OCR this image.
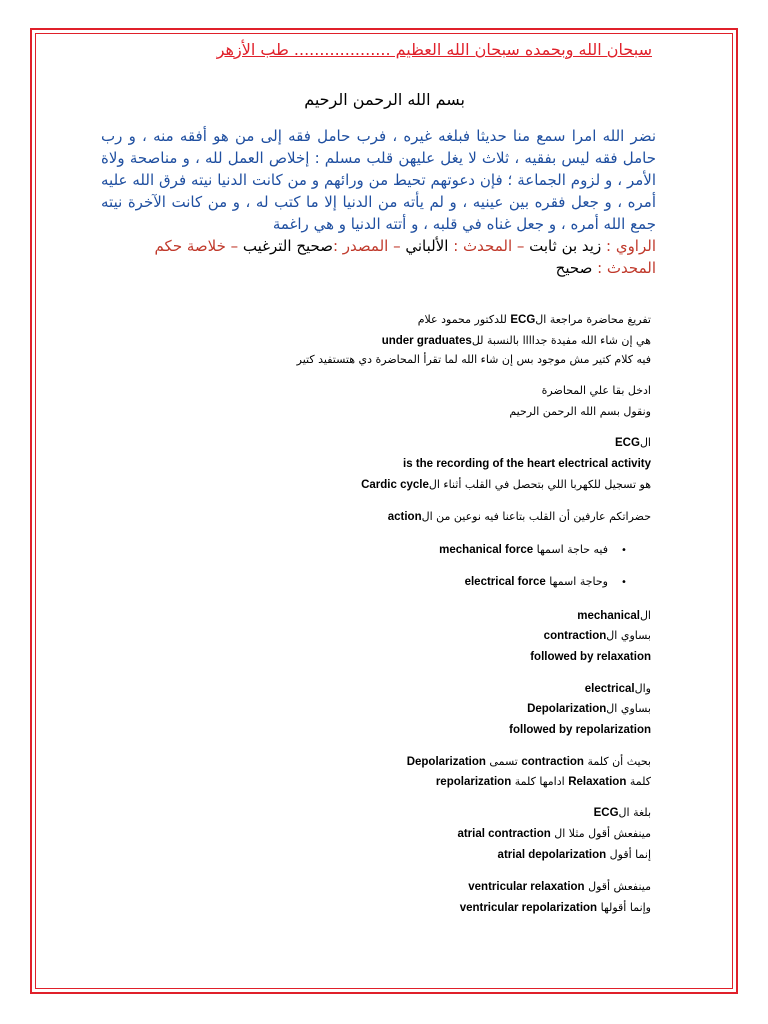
سبحان الله وبحمده سبحان الله العظيم ................... طب الأزهر
بسم الله الرحمن الرحيم

نضر الله امرا سمع منا حديثا فبلغه غيره ، فرب حامل فقه إلى من هو أفقه منه ، و رب حامل فقه ليس بفقيه ، ثلاث لا يغل عليهن قلب مسلم : إخلاص العمل لله ، و مناصحة ولاة الأمر ، و لزوم الجماعة ؛ فإن دعوتهم تحيط من ورائهم و من كانت الدنيا نيته فرق الله عليه أمره ، و جعل فقره بين عينيه ، و لم يأته من الدنيا إلا ما كتب له ، و من كانت الآخرة نيته جمع الله أمره ، و جعل غناه في قلبه ، و أتته الدنيا و هي راغمة

الراوي : زيد بن ثابت – المحدث : الألباني – المصدر :صحيح الترغيب – خلاصة حكم المحدث : صحيح
تفريغ محاضرة مراجعة الECG للدكتور محمود علام
هي إن شاء الله مفيدة جداااا بالنسبة للunder graduates
فيه كلام كتير مش موجود بس إن شاء الله لما تقرأ المحاضرة دي هتستفيد كتير
ادخل بقا علي المحاضرة
ونقول بسم الله الرحمن الرحيم
الECG
is the recording of the heart electrical activity
هو تسجيل للكهربا اللي بتحصل في القلب أثناء الCardic cycle
حضراتكم عارفين أن القلب بتاعنا فيه نوعين من الaction
فيه حاجة اسمها mechanical force
وحاجة اسمها electrical force
الmechanical
بساوي الcontraction
followed by relaxation
والelectrical
بساوي الDepolarization
followed by repolarization
بحيث أن كلمة contraction تسمى Depolarization
كلمة Relaxation ادامها كلمة repolarization
بلغة الECG
مينفعش أقول مثلا ال atrial contraction
إنما أقول atrial depolarization
مينفعش أقول ventricular relaxation
وإنما أقولها ventricular repolarization
•
•
